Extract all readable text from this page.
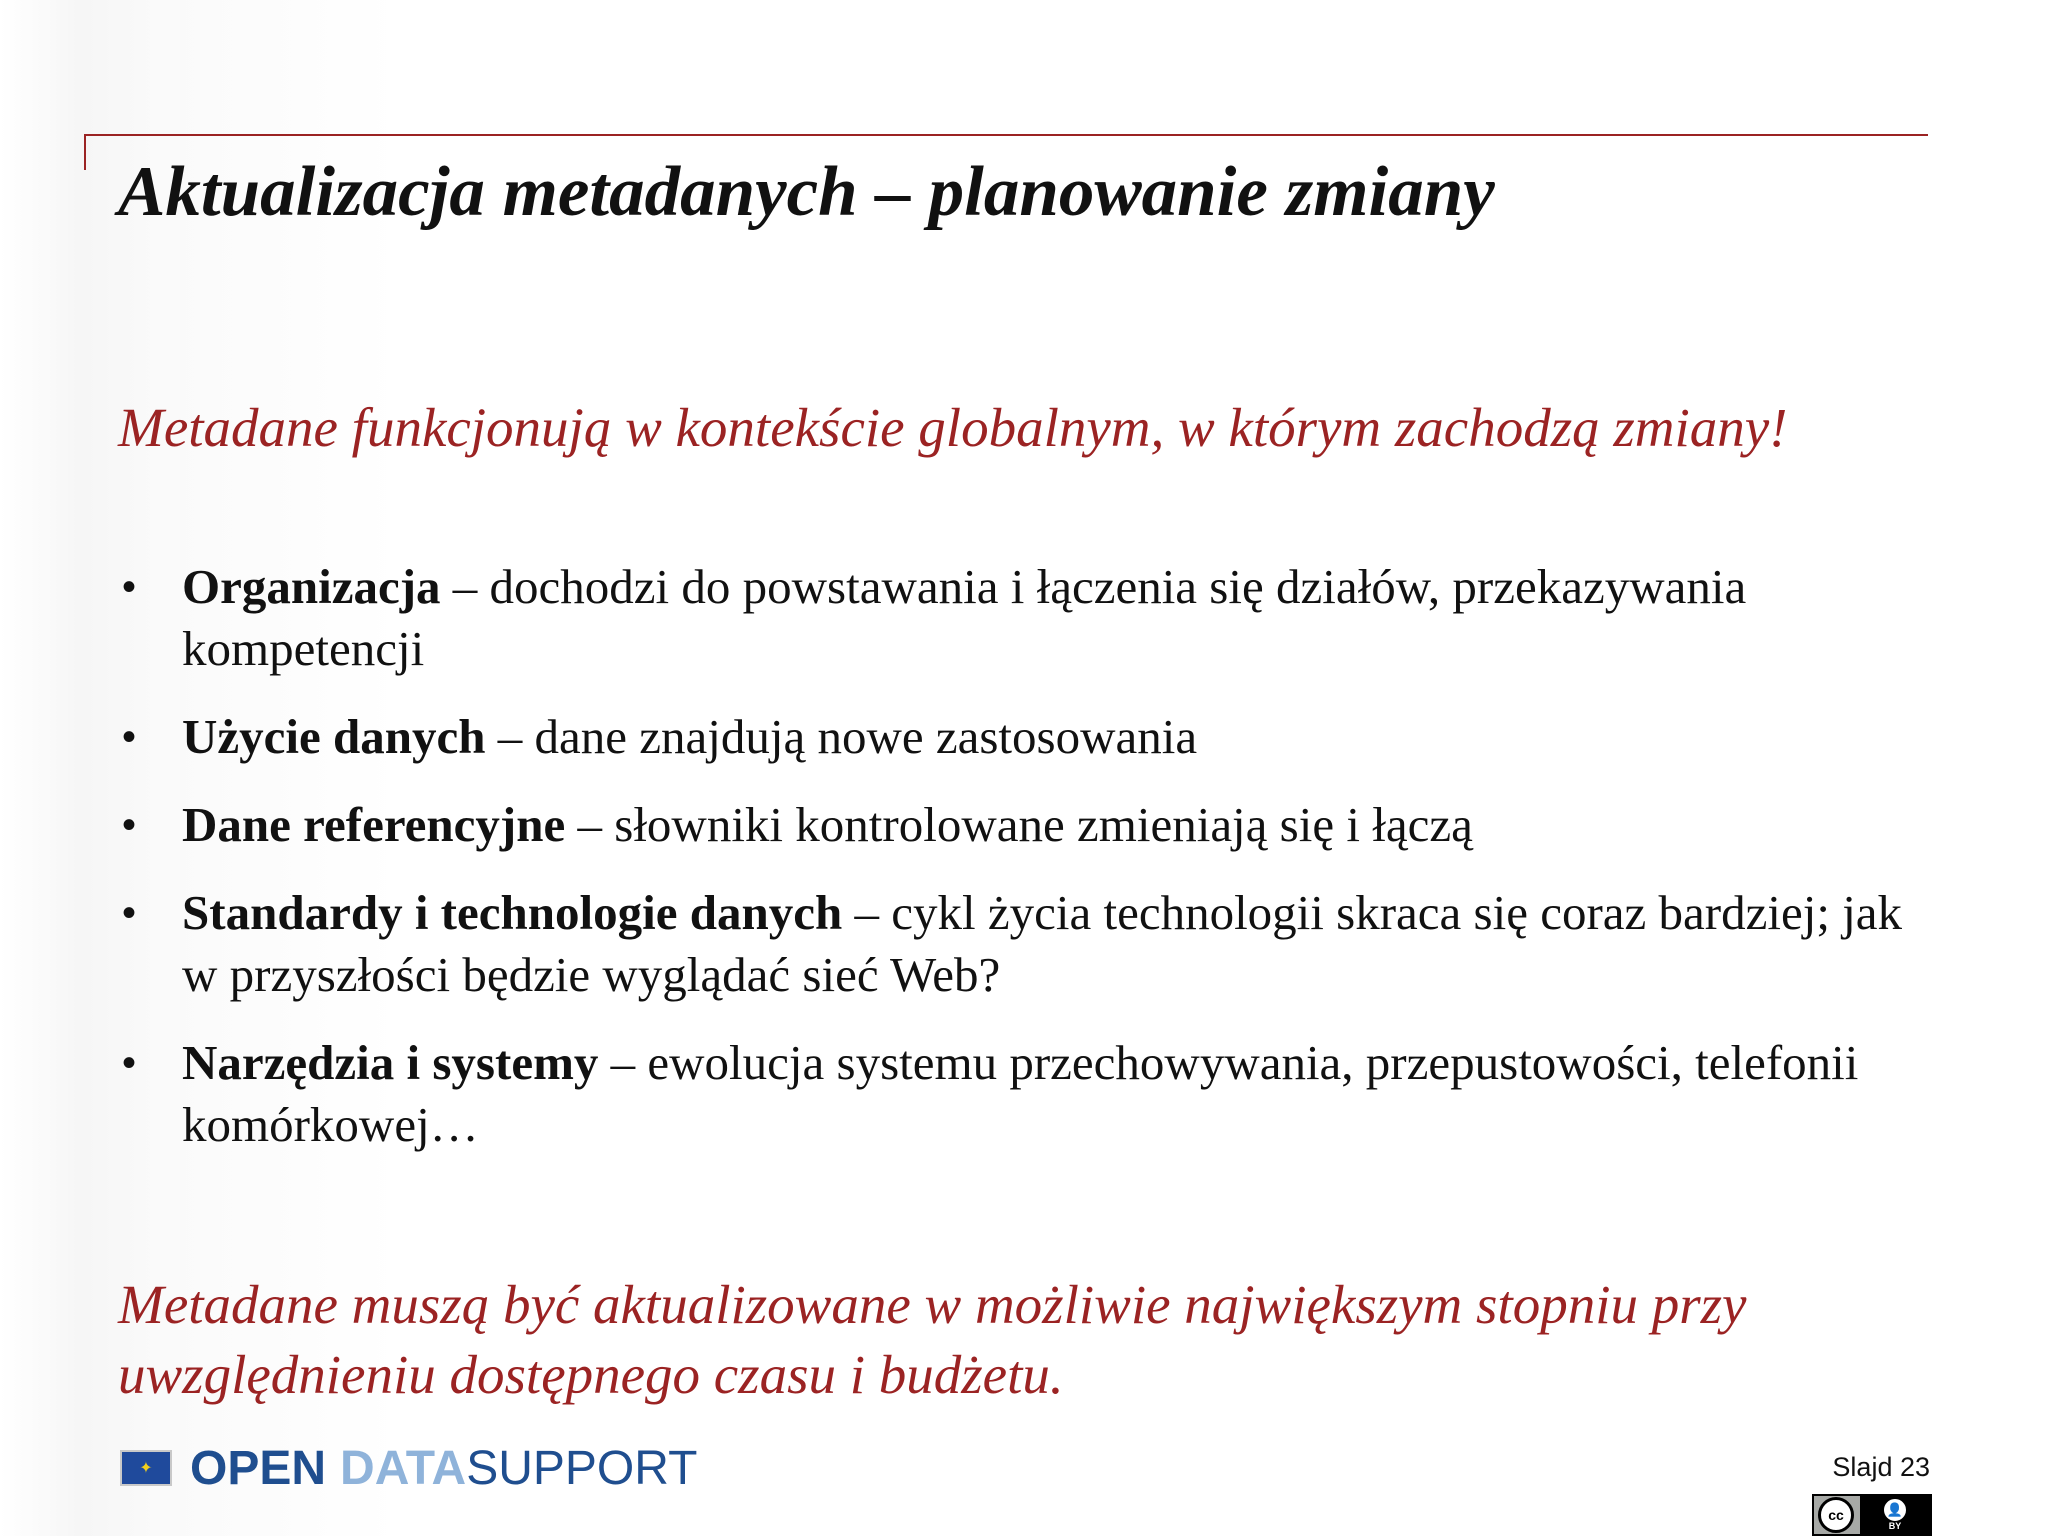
Aktualizacja metadanych – planowanie zmiany
Metadane funkcjonują w kontekście globalnym, w którym zachodzą zmiany!
• Organizacja – dochodzi do powstawania i łączenia się działów, przekazywania kompetencji
• Użycie danych – dane znajdują nowe zastosowania
• Dane referencyjne – słowniki kontrolowane zmieniają się i łączą
• Standardy i technologie danych – cykl życia technologii skraca się coraz bardziej; jak w przyszłości będzie wyglądać sieć Web?
• Narzędzia i systemy – ewolucja systemu przechowywania, przepustowości, telefonii komórkowej…
Metadane muszą być aktualizowane w możliwie największym stopniu przy uwzględnieniu dostępnego czasu i budżetu.
✦ OPEN DATA SUPPORT	Slajd 23
cc	👤
BY
